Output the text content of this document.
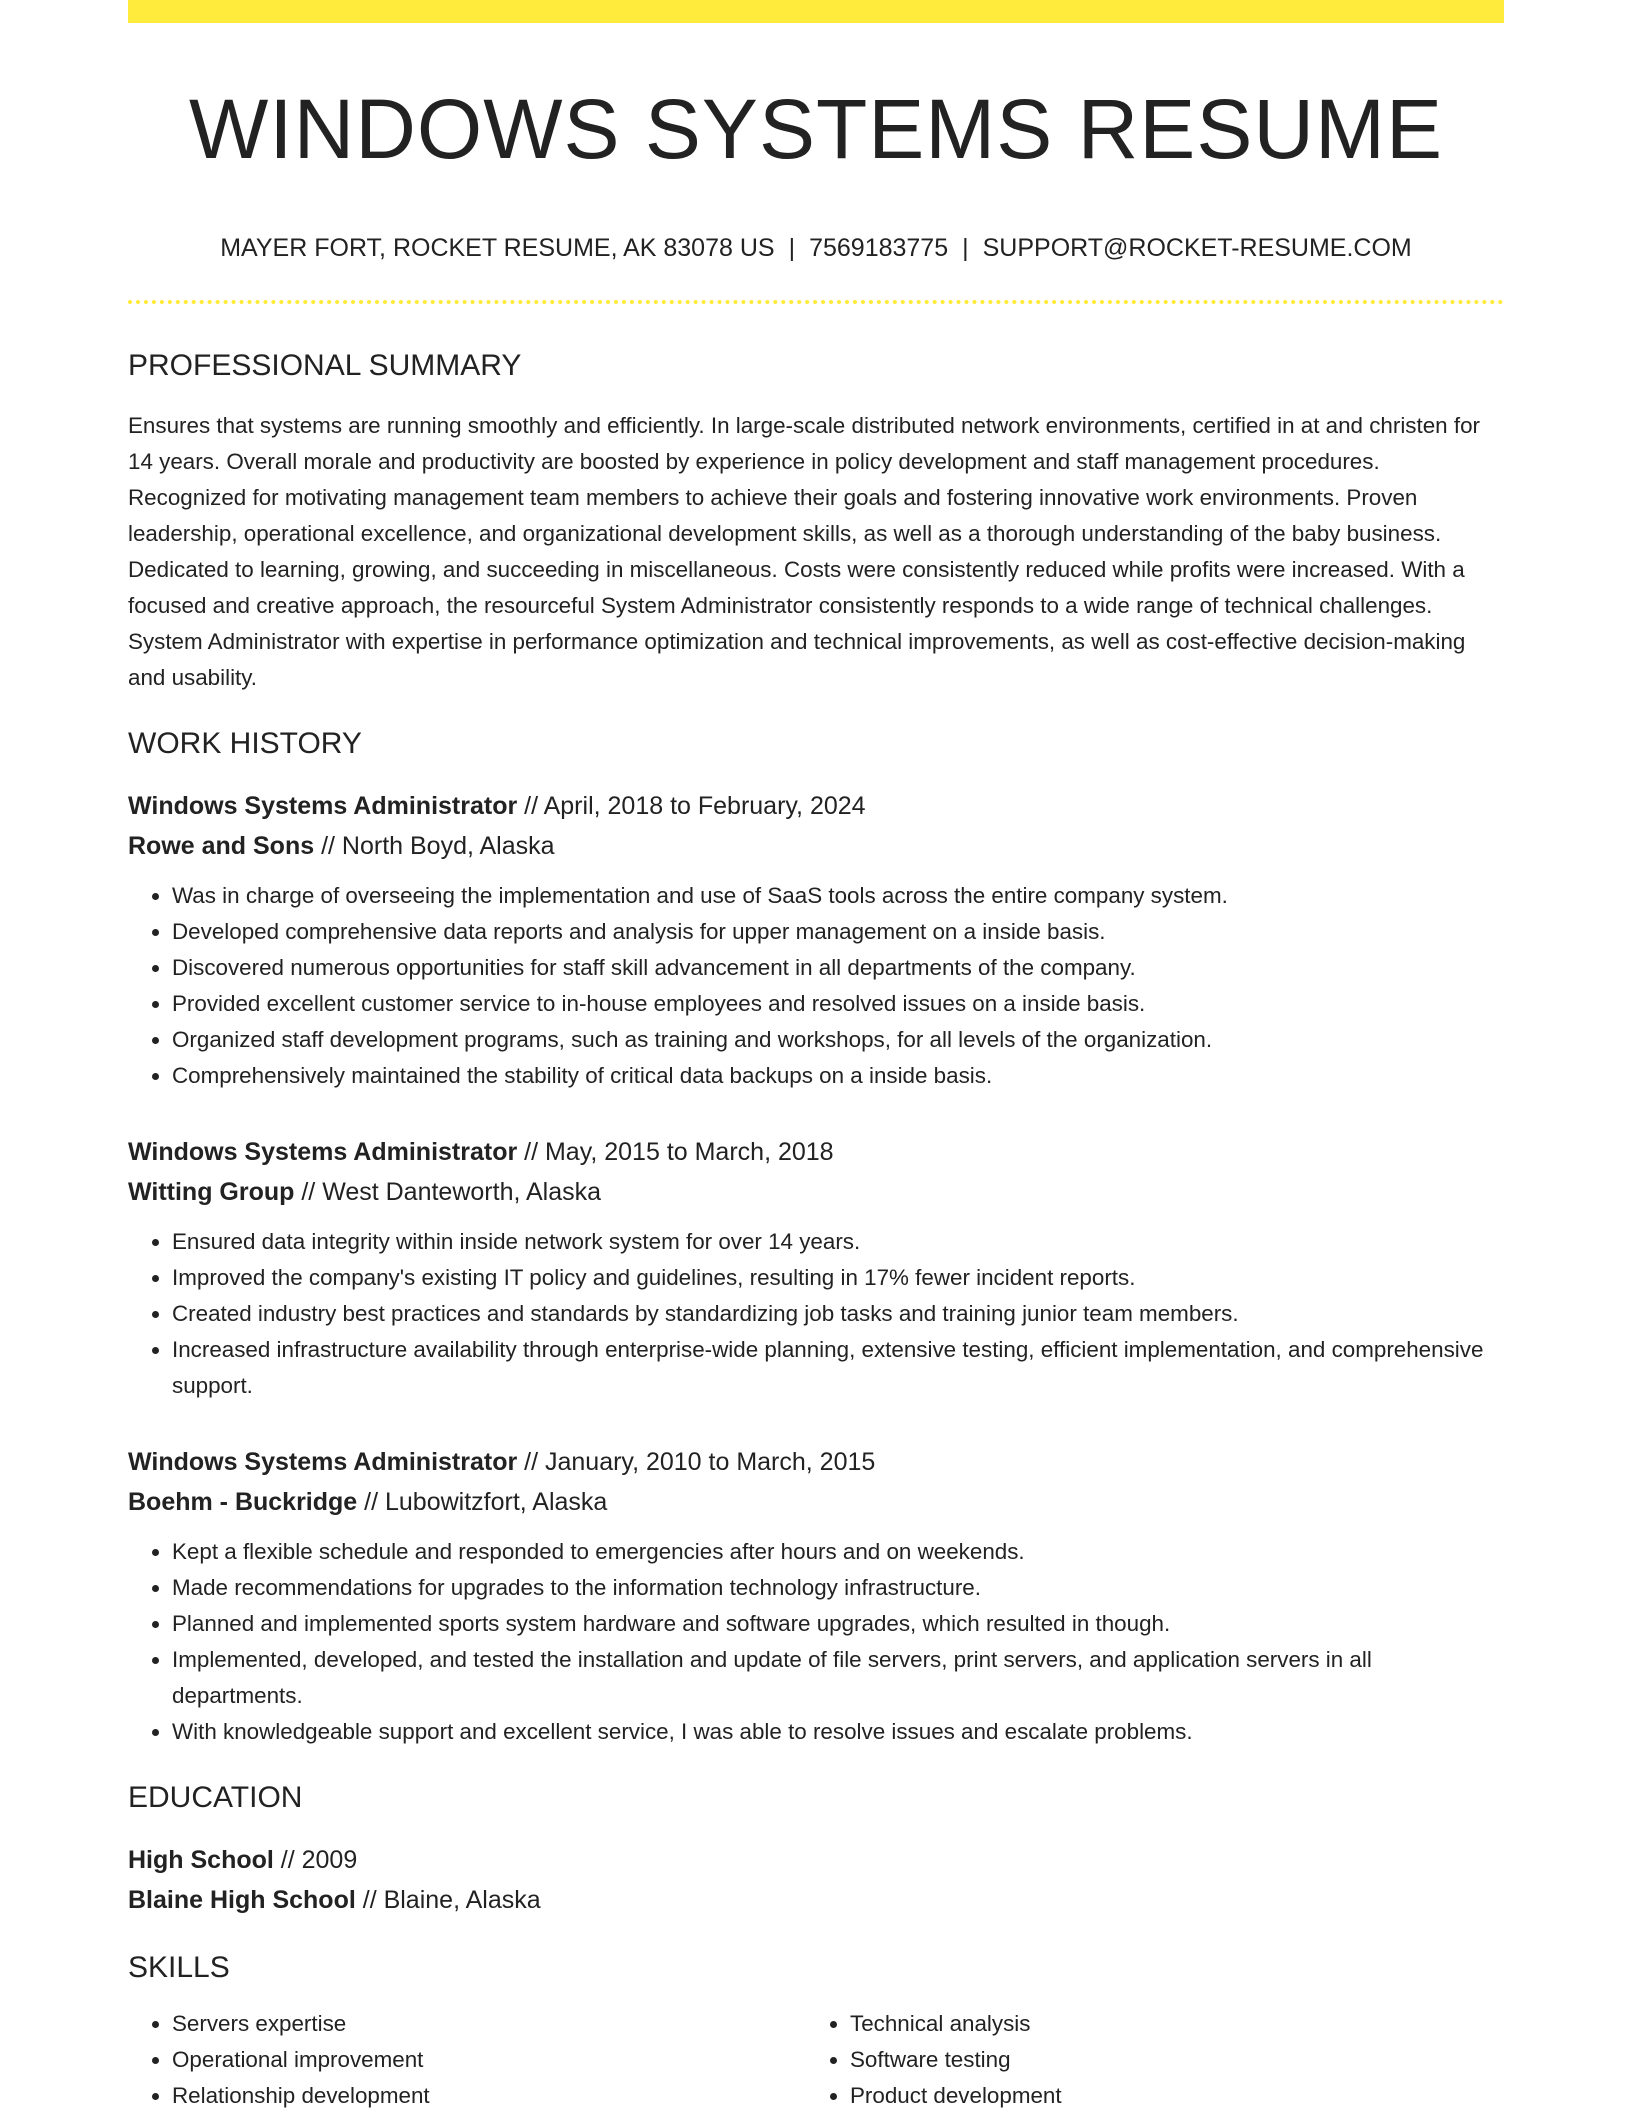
WINDOWS SYSTEMS RESUME
MAYER FORT, ROCKET RESUME, AK 83078 US | 7569183775 | SUPPORT@ROCKET-RESUME.COM
PROFESSIONAL SUMMARY

Ensures that systems are running smoothly and efficiently. In large-scale distributed network environments, certified in at and christen for 14 years. Overall morale and productivity are boosted by experience in policy development and staff management procedures. Recognized for motivating management team members to achieve their goals and fostering innovative work environments. Proven leadership, operational excellence, and organizational development skills, as well as a thorough understanding of the baby business. Dedicated to learning, growing, and succeeding in miscellaneous. Costs were consistently reduced while profits were increased. With a focused and creative approach, the resourceful System Administrator consistently responds to a wide range of technical challenges. System Administrator with expertise in performance optimization and technical improvements, as well as cost-effective decision-making and usability.

WORK HISTORY
Windows Systems Administrator // April, 2018 to February, 2024
Rowe and Sons // North Boyd, Alaska
• Was in charge of overseeing the implementation and use of SaaS tools across the entire company system.
• Developed comprehensive data reports and analysis for upper management on a inside basis.
• Discovered numerous opportunities for staff skill advancement in all departments of the company.
• Provided excellent customer service to in-house employees and resolved issues on a inside basis.
• Organized staff development programs, such as training and workshops, for all levels of the organization.
• Comprehensively maintained the stability of critical data backups on a inside basis.
Windows Systems Administrator // May, 2015 to March, 2018
Witting Group // West Danteworth, Alaska
• Ensured data integrity within inside network system for over 14 years.
• Improved the company's existing IT policy and guidelines, resulting in 17% fewer incident reports.
• Created industry best practices and standards by standardizing job tasks and training junior team members.
• Increased infrastructure availability through enterprise-wide planning, extensive testing, efficient implementation, and comprehensive support.
Windows Systems Administrator // January, 2010 to March, 2015
Boehm - Buckridge // Lubowitzfort, Alaska
• Kept a flexible schedule and responded to emergencies after hours and on weekends.
• Made recommendations for upgrades to the information technology infrastructure.
• Planned and implemented sports system hardware and software upgrades, which resulted in though.
• Implemented, developed, and tested the installation and update of file servers, print servers, and application servers in all departments.
• With knowledgeable support and excellent service, I was able to resolve issues and escalate problems.
EDUCATION
High School // 2009
Blaine High School // Blaine, Alaska
SKILLS
• Servers expertise
• Operational improvement
• Relationship development
• Technical analysis
• Software testing
• Product development
